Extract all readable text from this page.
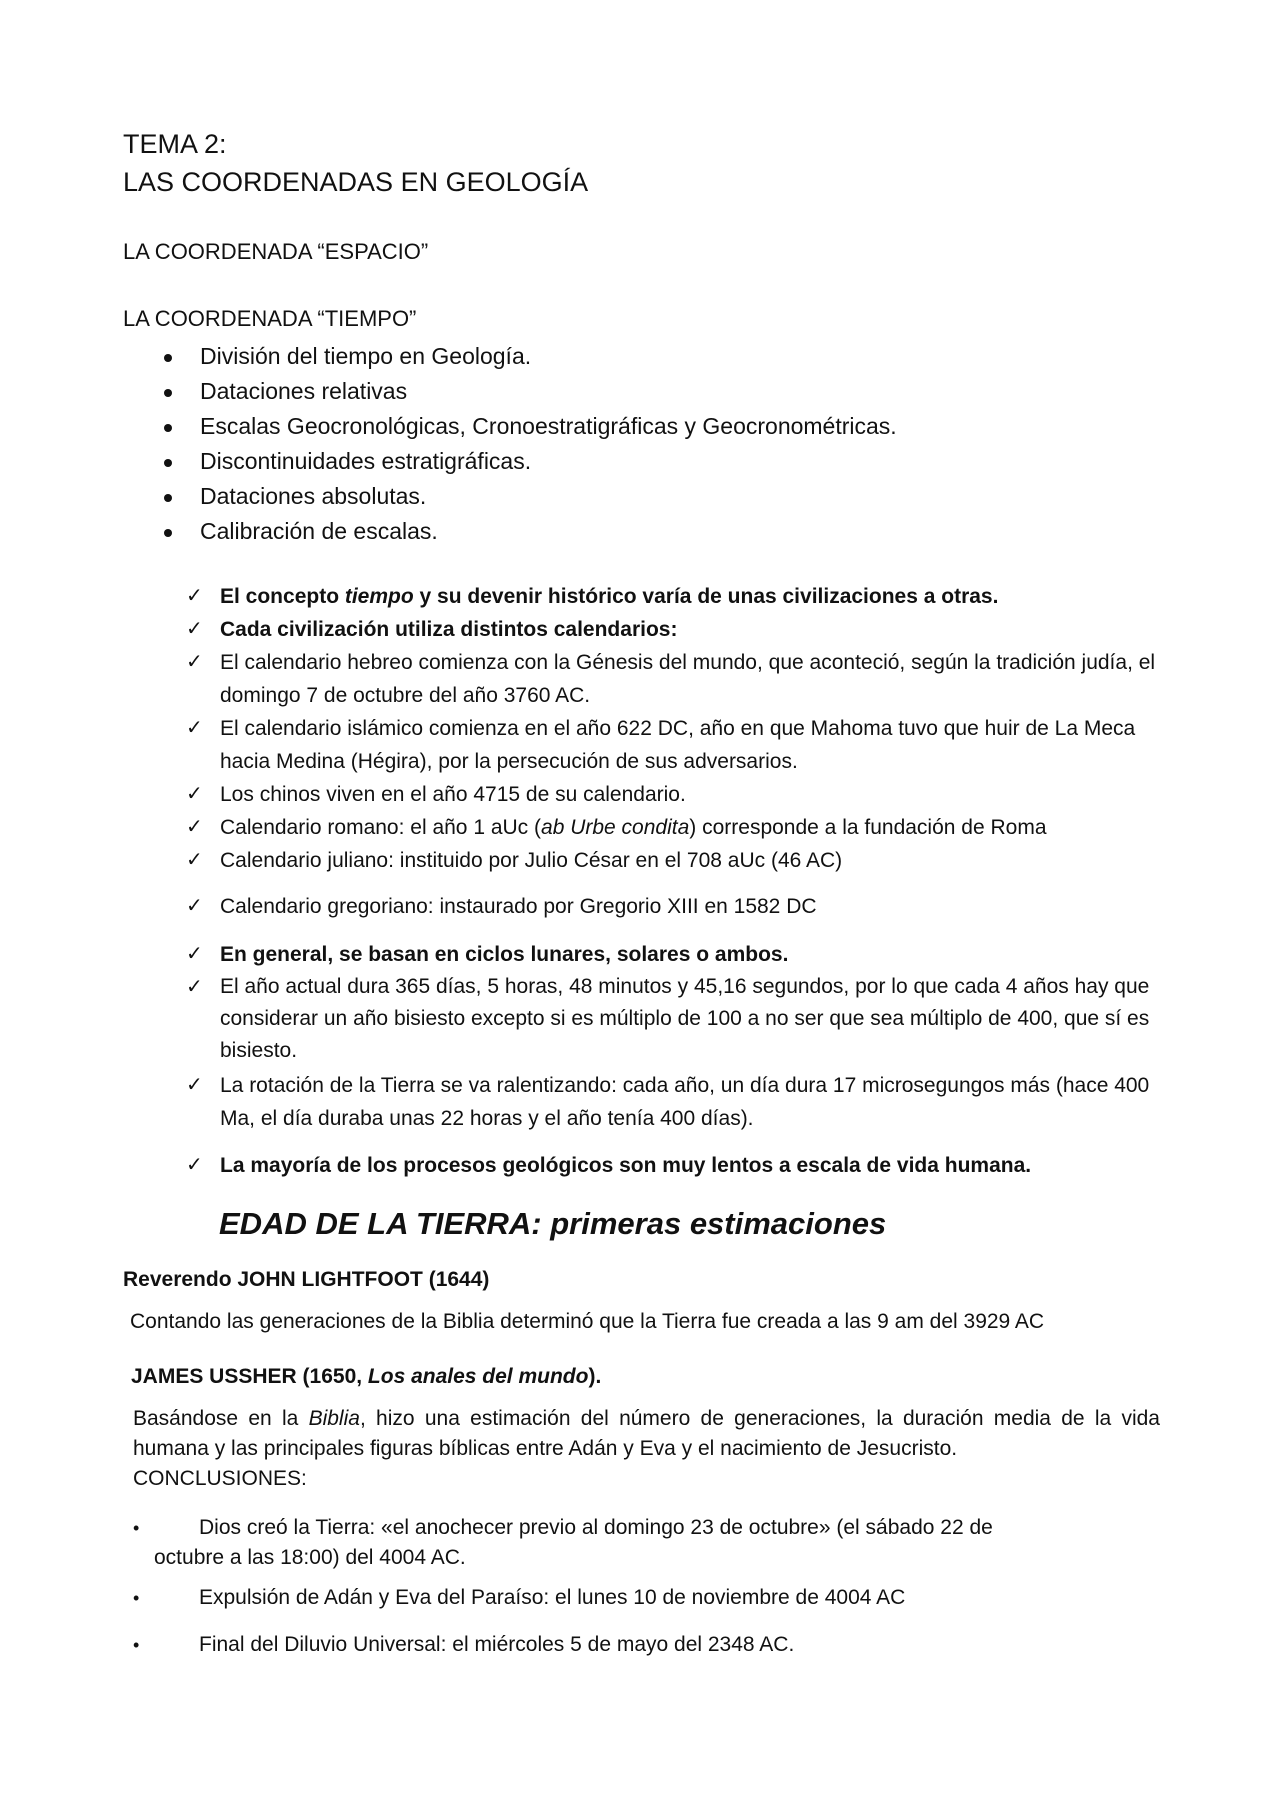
TEMA 2:
LAS COORDENADAS EN GEOLOGÍA
LA COORDENADA “ESPACIO”
LA COORDENADA “TIEMPO”
División del tiempo en Geología.
Dataciones relativas
Escalas Geocronológicas, Cronoestratigráficas y Geocronométricas.
Discontinuidades estratigráficas.
Dataciones absolutas.
Calibración de escalas.
✓ El concepto tiempo y su devenir histórico varía de unas civilizaciones a otras.
✓ Cada civilización utiliza distintos calendarios:
✓ El calendario hebreo comienza con la Génesis del mundo, que aconteció, según la tradición judía, el domingo 7 de octubre del año 3760 AC.
✓ El calendario islámico comienza en el año 622 DC, año en que Mahoma tuvo que huir de La Meca hacia Medina (Hégira), por la persecución de sus adversarios.
✓ Los chinos viven en el año 4715 de su calendario.
✓ Calendario romano: el año 1 aUc (ab Urbe condita) corresponde a la fundación de Roma
✓ Calendario juliano: instituido por Julio César en el 708 aUc (46 AC)
✓ Calendario gregoriano: instaurado por Gregorio XIII en 1582 DC
✓ En general, se basan en ciclos lunares, solares o ambos.
✓ El año actual dura 365 días, 5 horas, 48 minutos y 45,16 segundos, por lo que cada 4 años hay que considerar un año bisiesto excepto si es múltiplo de 100 a no ser que sea múltiplo de 400, que sí es bisiesto.
✓ La rotación de la Tierra se va ralentizando: cada año, un día dura 17 microsegungos más (hace 400 Ma, el día duraba unas 22 horas y el año tenía 400 días).
✓ La mayoría de los procesos geológicos son muy lentos a escala de vida humana.
EDAD DE LA TIERRA: primeras estimaciones
Reverendo JOHN LIGHTFOOT (1644)
Contando las generaciones de la Biblia determinó que la Tierra fue creada a las 9 am del 3929 AC
JAMES USSHER (1650, Los anales del mundo).
Basándose en la Biblia, hizo una estimación del número de generaciones, la duración media de la vida humana y las principales figuras bíblicas entre Adán y Eva y el nacimiento de Jesucristo.
CONCLUSIONES:
•	Dios creó la Tierra: «el anochecer previo al domingo 23 de octubre» (el sábado 22 de
octubre a las 18:00) del 4004 AC.
•	Expulsión de Adán y Eva del Paraíso: el lunes 10 de noviembre de 4004 AC
•	Final del Diluvio Universal: el miércoles 5 de mayo del 2348 AC.
